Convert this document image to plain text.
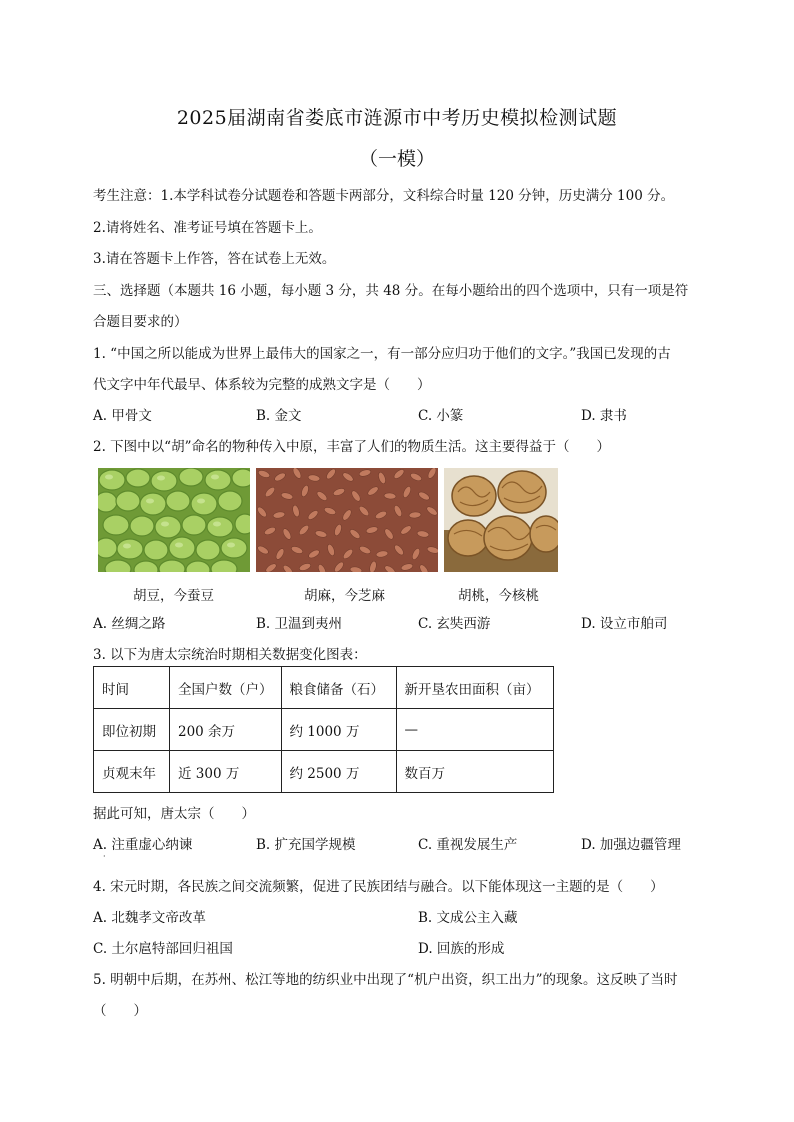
2025届湖南省娄底市涟源市中考历史模拟检测试题
（一模）
考生注意：1.本学科试卷分试题卷和答题卡两部分，文科综合时量 120 分钟，历史满分 100 分。
2.请将姓名、准考证号填在答题卡上。
3.请在答题卡上作答，答在试卷上无效。
三、选择题（本题共 16 小题，每小题 3 分，共 48 分。在每小题给出的四个选项中，只有一项是符
合题目要求的）
1. “中国之所以能成为世界上最伟大的国家之一，有一部分应归功于他们的文字。”我国已发现的古
代文字中年代最早、体系较为完整的成熟文字是（　　）
A. 甲骨文	B. 金文	C. 小篆	D. 隶书
2. 下图中以“胡”命名的物种传入中原，丰富了人们的物质生活。这主要得益于（　　）
胡豆，今蚕豆	胡麻，今芝麻	胡桃，今核桃
A. 丝绸之路	B. 卫温到夷州	C. 玄奘西游	D. 设立市舶司
3. 以下为唐太宗统治时期相关数据变化图表：
时间	全国户数（户）	粮食储备（石）	新开垦农田面积（亩）
即位初期	200 余万	约 1000 万	—
贞观末年	近 300 万	约 2500 万	数百万
据此可知，唐太宗（　　）
A. 注重虚心纳谏
·
B. 扩充国学规模	C. 重视发展生产	D. 加强边疆管理
4. 宋元时期，各民族之间交流频繁，促进了民族团结与融合。以下能体现这一主题的是（　　）
A. 北魏孝文帝改革	B. 文成公主入藏
C. 土尔扈特部回归祖国	D. 回族的形成
5. 明朝中后期，在苏州、松江等地的纺织业中出现了“机户出资，织工出力”的现象。这反映了当时
（　　）
